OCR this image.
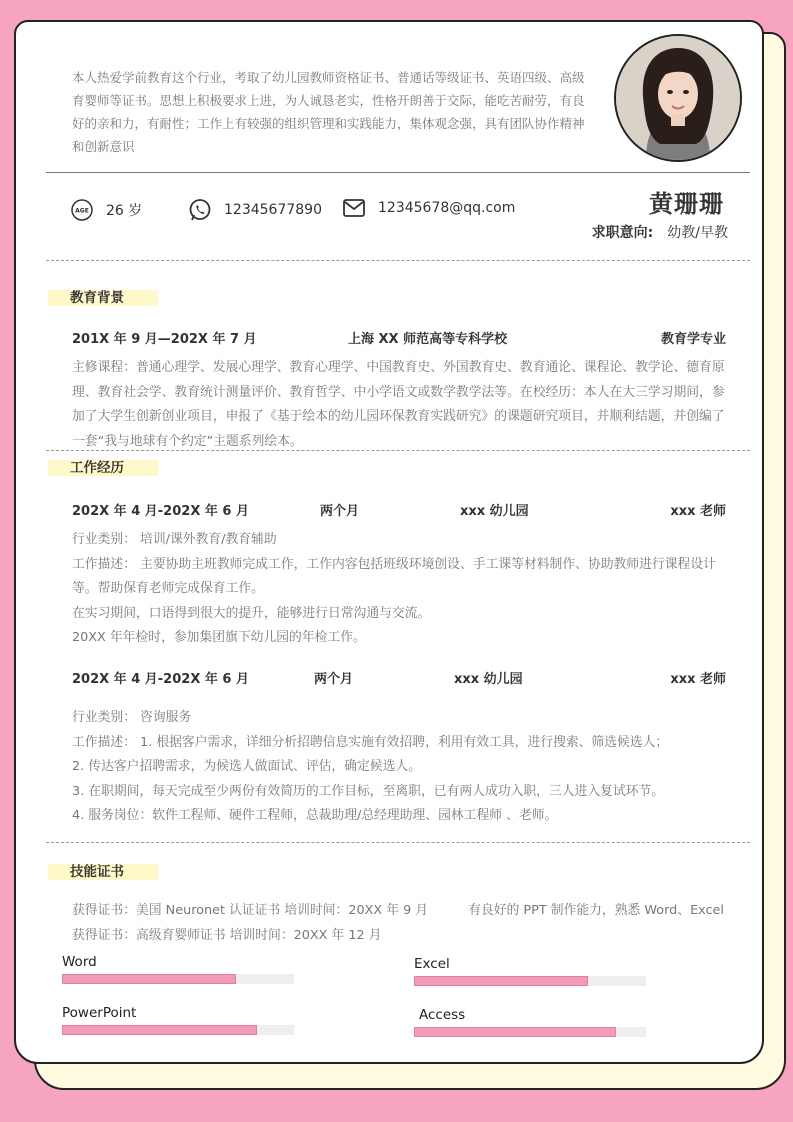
本人热爱学前教育这个行业，考取了幼儿园教师资格证书、普通话等级证书、英语四级、高级育婴师等证书。思想上积极要求上进，为人诚恳老实，性格开朗善于交际，能吃苦耐劳，有良好的亲和力，有耐性；工作上有较强的组织管理和实践能力，集体观念强，具有团队协作精神和创新意识
AGE 26 岁	12345677890	12345678@qq.com	黄珊珊
求职意向: 幼教/早教
教育背景
201X 年 9 月—202X 年 7 月	上海 XX 师范高等专科学校	教育学专业
主修课程：普通心理学、发展心理学、教育心理学、中国教育史、外国教育史、教育通论、课程论、教学论、德育原理、教育社会学、教育统计测量评价、教育哲学、中小学语文或数学教学法等。在校经历：本人在大三学习期间，参加了大学生创新创业项目，申报了《基于绘本的幼儿园环保教育实践研究》的课题研究项目，并顺利结题，并创编了一套“我与地球有个约定”主题系列绘本。
工作经历
202X 年 4 月-202X 年 6 月	两个月	xxx 幼儿园	xxx 老师
行业类别： 培训/课外教育/教育辅助
工作描述： 主要协助主班教师完成工作，工作内容包括班级环境创设、手工课等材料制作、协助教师进行课程设计等。帮助保育老师完成保育工作。
在实习期间，口语得到很大的提升，能够进行日常沟通与交流。
20XX 年年检时，参加集团旗下幼儿园的年检工作。
202X 年 4 月-202X 年 6 月	两个月	xxx 幼儿园	xxx 老师
行业类别： 咨询服务
工作描述： 1. 根据客户需求，详细分析招聘信息实施有效招聘，利用有效工具，进行搜索、筛选候选人；
2. 传达客户招聘需求，为候选人做面试、评估，确定候选人。
3. 在职期间，每天完成至少两份有效简历的工作目标，至离职，已有两人成功入职，三人进入复试环节。
4. 服务岗位：软件工程师、硬件工程师，总裁助理/总经理助理、园林工程师 、老师。
技能证书
获得证书：美国 Neuronet 认证证书 培训时间：20XX 年 9 月	有良好的 PPT 制作能力，熟悉 Word、Excel
获得证书：高级育婴师证书 培训时间：20XX 年 12 月
Word	Excel
PowerPoint	Access
